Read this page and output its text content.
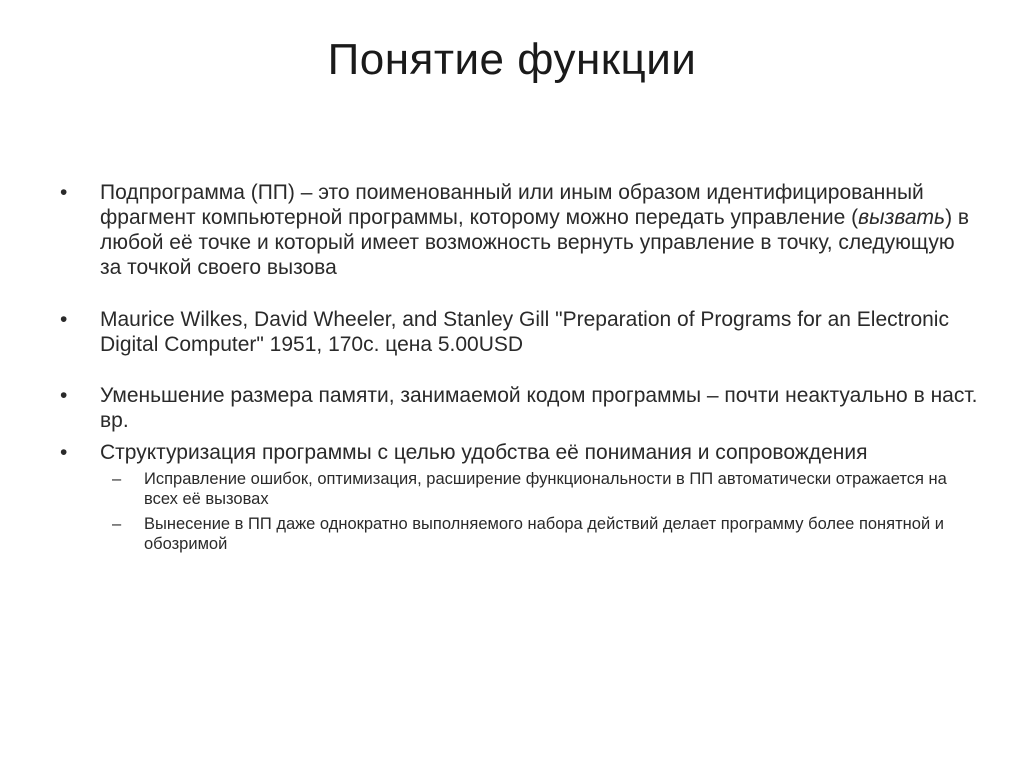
Понятие функции
•	Подпрограмма (ПП) – это поименованный или иным образом идентифицированный фрагмент компьютерной программы, которому можно передать управление (вызвать) в любой её точке и который имеет возможность вернуть управление в точку, следующую за точкой своего вызова
•	Maurice Wilkes, David Wheeler, and Stanley Gill "Preparation of Programs for an Electronic Digital Computer" 1951, 170с. цена 5.00USD
•	Уменьшение размера памяти, занимаемой кодом программы – почти неактуально в наст. вр.
•	Структуризация программы с целью удобства её понимания и сопровождения
– Исправление ошибок, оптимизация, расширение функциональности в ПП автоматически отражается на всех её вызовах
– Вынесение в ПП даже однократно выполняемого набора действий делает программу более понятной и обозримой
